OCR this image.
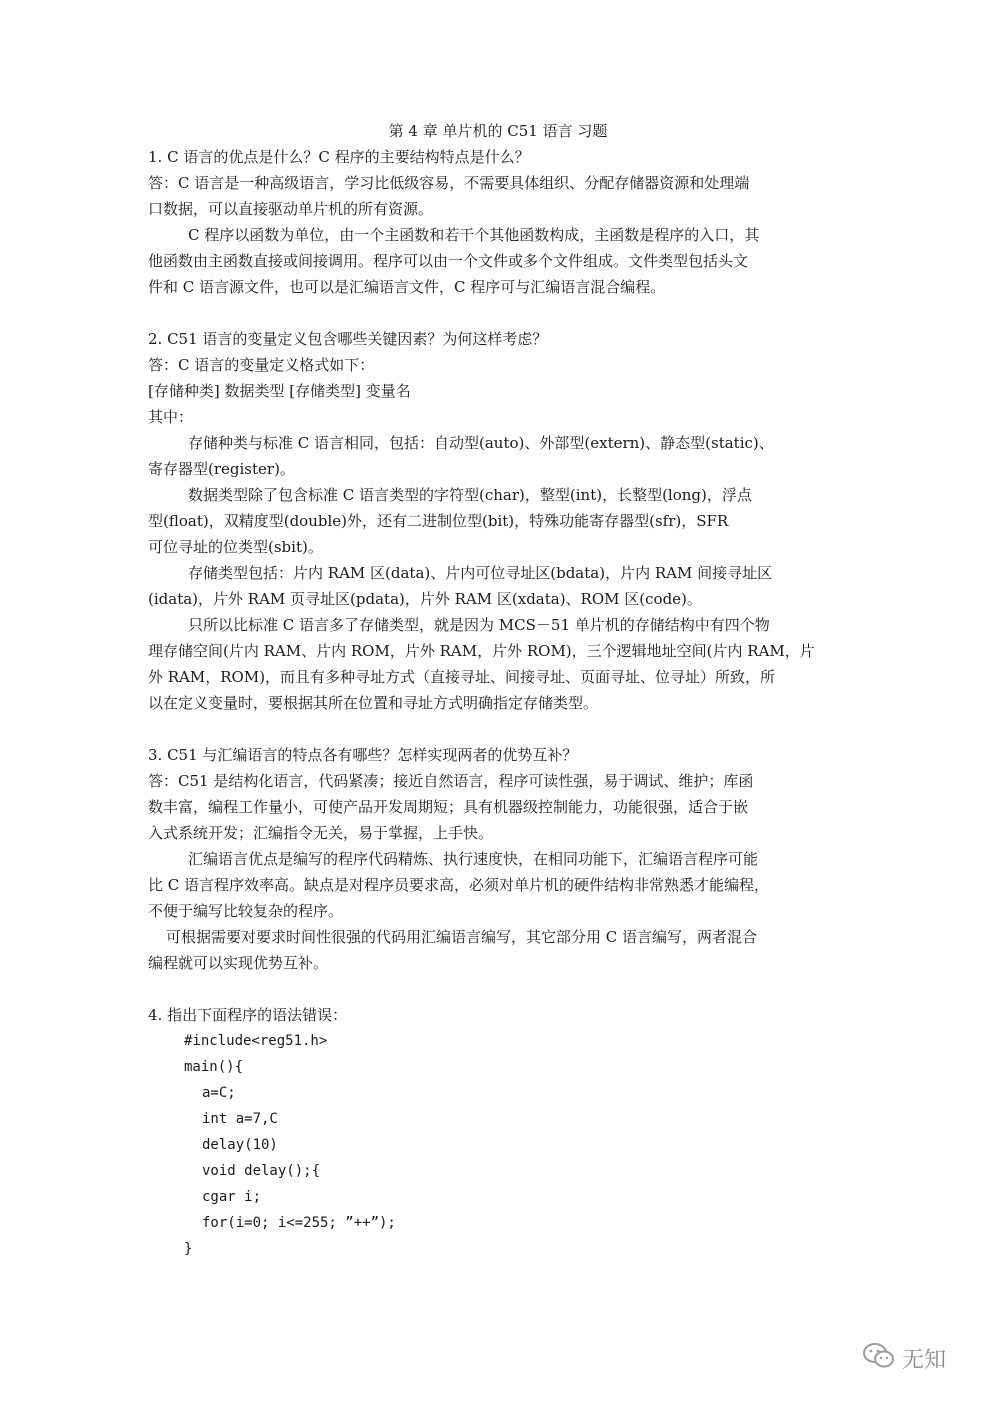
第 4 章 单片机的 C51 语言 习题
1. C 语言的优点是什么？C 程序的主要结构特点是什么？
答：C 语言是一种高级语言，学习比低级容易，不需要具体组织、分配存储器资源和处理端
口数据，可以直接驱动单片机的所有资源。
C 程序以函数为单位，由一个主函数和若干个其他函数构成，主函数是程序的入口，其
他函数由主函数直接或间接调用。程序可以由一个文件或多个文件组成。文件类型包括头文
件和 C 语言源文件，也可以是汇编语言文件，C 程序可与汇编语言混合编程。
2. C51 语言的变量定义包含哪些关键因素？为何这样考虑？
答：C 语言的变量定义格式如下：
[存储种类] 数据类型 [存储类型] 变量名
其中：
存储种类与标准 C 语言相同，包括：自动型(auto)、外部型(extern)、静态型(static)、
寄存器型(register)。
数据类型除了包含标准 C 语言类型的字符型(char)，整型(int)，长整型(long)，浮点
型(float)，双精度型(double)外，还有二进制位型(bit)，特殊功能寄存器型(sfr)，SFR
可位寻址的位类型(sbit)。
存储类型包括：片内 RAM 区(data)、片内可位寻址区(bdata)，片内 RAM 间接寻址区
(idata)，片外 RAM 页寻址区(pdata)，片外 RAM 区(xdata)、ROM 区(code)。
只所以比标准 C 语言多了存储类型，就是因为 MCS－51 单片机的存储结构中有四个物
理存储空间(片内 RAM、片内 ROM，片外 RAM，片外 ROM)，三个逻辑地址空间(片内 RAM，片
外 RAM，ROM)，而且有多种寻址方式（直接寻址、间接寻址、页面寻址、位寻址）所致，所
以在定义变量时，要根据其所在位置和寻址方式明确指定存储类型。
3. C51 与汇编语言的特点各有哪些？怎样实现两者的优势互补？
答：C51 是结构化语言，代码紧凑；接近自然语言，程序可读性强，易于调试、维护；库函
数丰富，编程工作量小，可使产品开发周期短；具有机器级控制能力，功能很强，适合于嵌
入式系统开发；汇编指令无关，易于掌握，上手快。
汇编语言优点是编写的程序代码精炼、执行速度快，在相同功能下，汇编语言程序可能
比 C 语言程序效率高。缺点是对程序员要求高，必须对单片机的硬件结构非常熟悉才能编程，
不便于编写比较复杂的程序。
可根据需要对要求时间性很强的代码用汇编语言编写，其它部分用 C 语言编写，两者混合
编程就可以实现优势互补。
4. 指出下面程序的语法错误：
#include<reg51.h>
main(){
a=C;
int a=7,C
delay(10)
void delay();{
cgar i;
for(i=0; i<=255; ”++”);
}
无知
